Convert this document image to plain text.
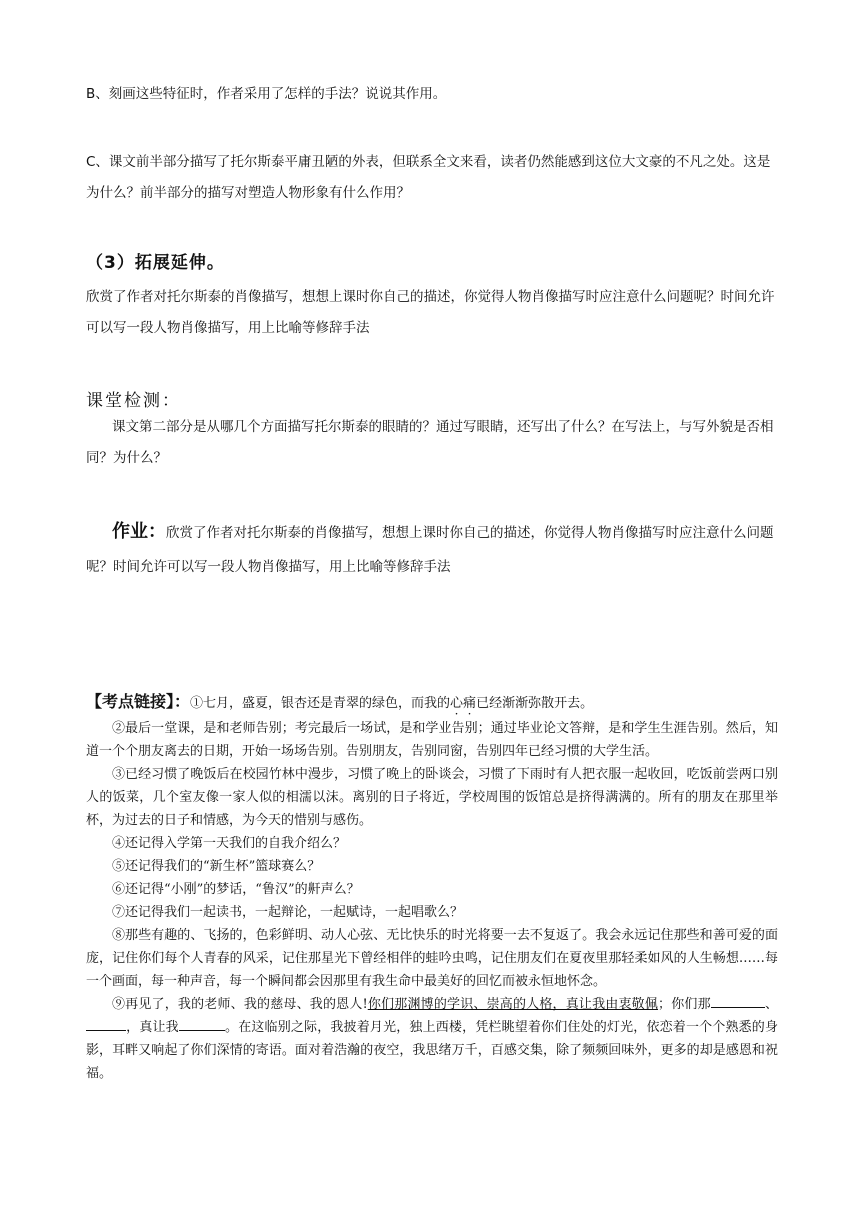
B、刻画这些特征时，作者采用了怎样的手法？说说其作用。
C、课文前半部分描写了托尔斯泰平庸丑陋的外表，但联系全文来看，读者仍然能感到这位大文豪的不凡之处。这是为什么？前半部分的描写对塑造人物形象有什么作用？
（3）拓展延伸。
欣赏了作者对托尔斯泰的肖像描写，想想上课时你自己的描述，你觉得人物肖像描写时应注意什么问题呢？时间允许可以写一段人物肖像描写，用上比喻等修辞手法
课堂检测：
课文第二部分是从哪几个方面描写托尔斯泰的眼睛的？通过写眼睛，还写出了什么？在写法上，与写外貌是否相同？为什么？
作业：欣赏了作者对托尔斯泰的肖像描写，想想上课时你自己的描述，你觉得人物肖像描写时应注意什么问题呢？时间允许可以写一段人物肖像描写，用上比喻等修辞手法
【考点链接】：①七月，盛夏，银杏还是青翠的绿色，而我的心痛已经渐渐弥散开去。
②最后一堂课，是和老师告别；考完最后一场试，是和学业告别；通过毕业论文答辩，是和学生生涯告别。然后，知道一个个朋友离去的日期，开始一场场告别。告别朋友，告别同窗，告别四年已经习惯的大学生活。
③已经习惯了晚饭后在校园竹林中漫步，习惯了晚上的卧谈会，习惯了下雨时有人把衣服一起收回，吃饭前尝两口别人的饭菜，几个室友像一家人似的相濡以沫。离别的日子将近，学校周围的饭馆总是挤得满满的。所有的朋友在那里举杯，为过去的日子和情感，为今天的惜别与感伤。
④还记得入学第一天我们的自我介绍么？
⑤还记得我们的“新生杯”篮球赛么？
⑥还记得“小刚”的梦话，“鲁汉”的鼾声么？
⑦还记得我们一起读书，一起辩论，一起赋诗，一起唱歌么？
⑧那些有趣的、飞扬的，色彩鲜明、动人心弦、无比快乐的时光将要一去不复返了。我会永远记住那些和善可爱的面庞，记住你们每个人青春的风采，记住那星光下曾经相伴的蛙吟虫鸣，记住朋友们在夏夜里那轻柔如风的人生畅想……每一个画面，每一种声音，每一个瞬间都会因那里有我生命中最美好的回忆而被永恒地怀念。
⑨再见了，我的老师、我的慈母、我的恩人!你们那渊博的学识、崇高的人格，真让我由衷敬佩；你们那	、，真让我	。在这临别之际，我披着月光，独上西楼，凭栏眺望着你们住处的灯光，依恋着一个个熟悉的身影，耳畔又响起了你们深情的寄语。面对着浩瀚的夜空，我思绪万千，百感交集，除了频频回味外，更多的却是感恩和祝福。
